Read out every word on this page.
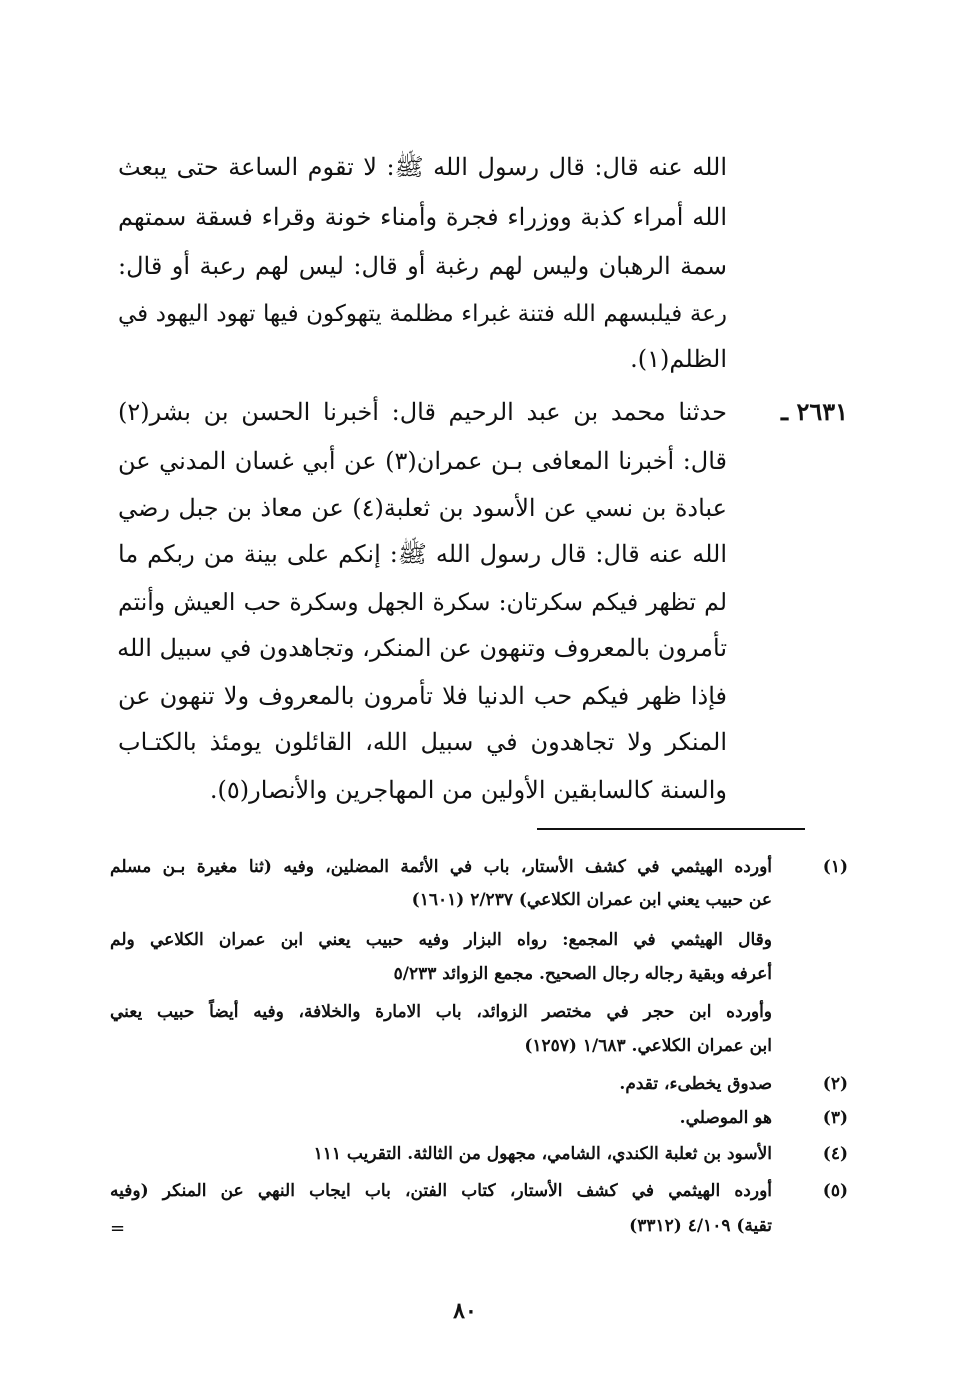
الله عنه قال: قال رسول الله ﷺ: لا تقوم الساعة حتى يبعث
الله أمراء كذبة ووزراء فجرة وأمناء خونة وقراء فسقة سمتهم
سمة الرهبان وليس لهم رغبة أو قال: ليس لهم رعبة أو قال:
رعة فيلبسهم الله فتنة غبراء مظلمة يتهوكون فيها تهود اليهود في
الظلم(١).
٢٦٣١ ـ
حدثنا محمد بن عبد الرحيم قال: أخبرنا الحسن بن بشر(٢)
قال: أخبرنا المعافى بـن عمران(٣) عن أبي غسان المدني عن
عبادة بن نسي عن الأسود بن ثعلبة(٤) عن معاذ بن جبل رضي
الله عنه قال: قال رسول الله ﷺ: إنكم على بينة من ربكم ما
لم تظهر فيكم سكرتان: سكرة الجهل وسكرة حب العيش وأنتم
تأمرون بالمعروف وتنهون عن المنكر، وتجاهدون في سبيل الله
فإذا ظهر فيكم حب الدنيا فلا تأمرون بالمعروف ولا تنهون عن
المنكر ولا تجاهدون في سبيل الله، القائلون يومئذ بالكتـاب
والسنة كالسابقين الأولين من المهاجرين والأنصار(٥).
(١)
أورده الهيثمي في كشف الأستار، باب في الأئمة المضلين، وفيه (ثنا مغيرة بـن مسلم
عن حبيب يعني ابن عمران الكلاعي) ٢/٢٣٧ (١٦٠١)
وقال الهيثمي في المجمع: رواه البزار وفيه حبيب يعني ابن عمران الكلاعي ولم
أعرفه وبقية رجاله رجال الصحيح. مجمع الزوائد ٥/٢٣٣
وأورده ابن حجر في مختصر الزوائد، باب الامارة والخلافة، وفيه أيضاً حبيب يعني
ابن عمران الكلاعي. ١/٦٨٣ (١٢٥٧)
(٢)
صدوق يخطىء، تقدم.
(٣)
هو الموصلي.
(٤)
الأسود بن ثعلبة الكندي، الشامي، مجهول من الثالثة. التقريب ١١١
(٥)
أورده الهيثمي في كشف الأستار، كتاب الفتن، باب ايجاب النهي عن المنكر (وفيه
تقية) ٤/١٠٩ (٣٣١٢)
=
٨٠
